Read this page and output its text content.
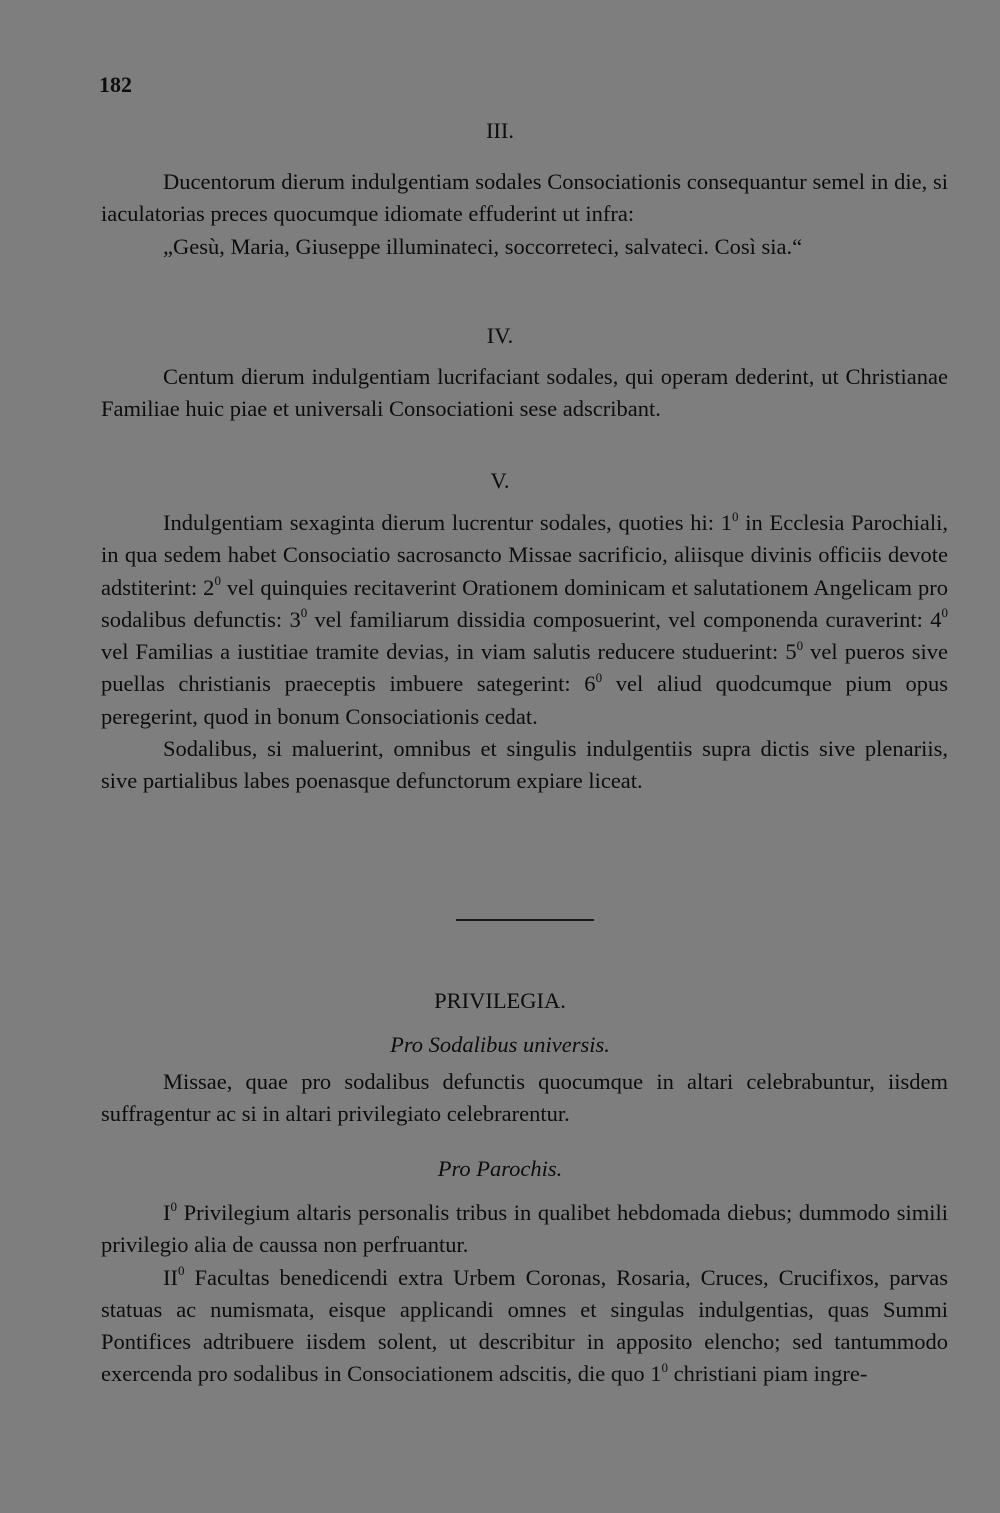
182
III.

Ducentorum dierum indulgentiam sodales Consociationis consequantur semel in die, si iaculatorias preces quocumque idiomate effuderint ut infra:

„Gesù, Maria, Giuseppe illuminateci, soccorreteci, salvateci. Così sia.“

IV.

Centum dierum indulgentiam lucrifaciant sodales, qui operam dederint, ut Christianae Familiae huic piae et universali Consociationi sese adscribant.

V.

Indulgentiam sexaginta dierum lucrentur sodales, quoties hi: $1^0$ in Ecclesia Parochiali, in qua sedem habet Consociatio sacrosancto Missae sacrificio, aliisque divinis officiis devote adstiterint: $2^0$ vel quinquies recitaverint Orationem dominicam et salutationem Angelicam pro sodalibus defunctis: $3^0$ vel familiarum dissidia composuerint, vel componenda curaverint: $4^0$ vel Familias a iustitiae tramite devias, in viam salutis reducere studuerint: $5^0$ vel pueros sive puellas christianis praeceptis imbuere sategerint: $6^0$ vel aliud quodcumque pium opus peregerint, quod in bonum Consociationis cedat.

Sodalibus, si maluerint, omnibus et singulis indulgentiis supra dictis sive plenariis, sive partialibus labes poenasque defunctorum expiare liceat.

PRIVILEGIA.
Pro Sodalibus universis.

Missae, quae pro sodalibus defunctis quocumque in altari celebrabuntur, iisdem suffragentur ac si in altari privilegiato celebrarentur.

Pro Parochis.

$I^0$ Privilegium altaris personalis tribus in qualibet hebdomada diebus; dummodo simili privilegio alia de caussa non perfruantur.

$II^0$ Facultas benedicendi extra Urbem Coronas, Rosaria, Cruces, Crucifixos, parvas statuas ac numismata, eisque applicandi omnes et singulas indulgentias, quas Summi Pontifices adtribuere iisdem solent, ut describitur in apposito elencho; sed tantummodo exercenda pro sodalibus in Consociationem adscitis, die quo $1^0$ christiani piam ingre-
